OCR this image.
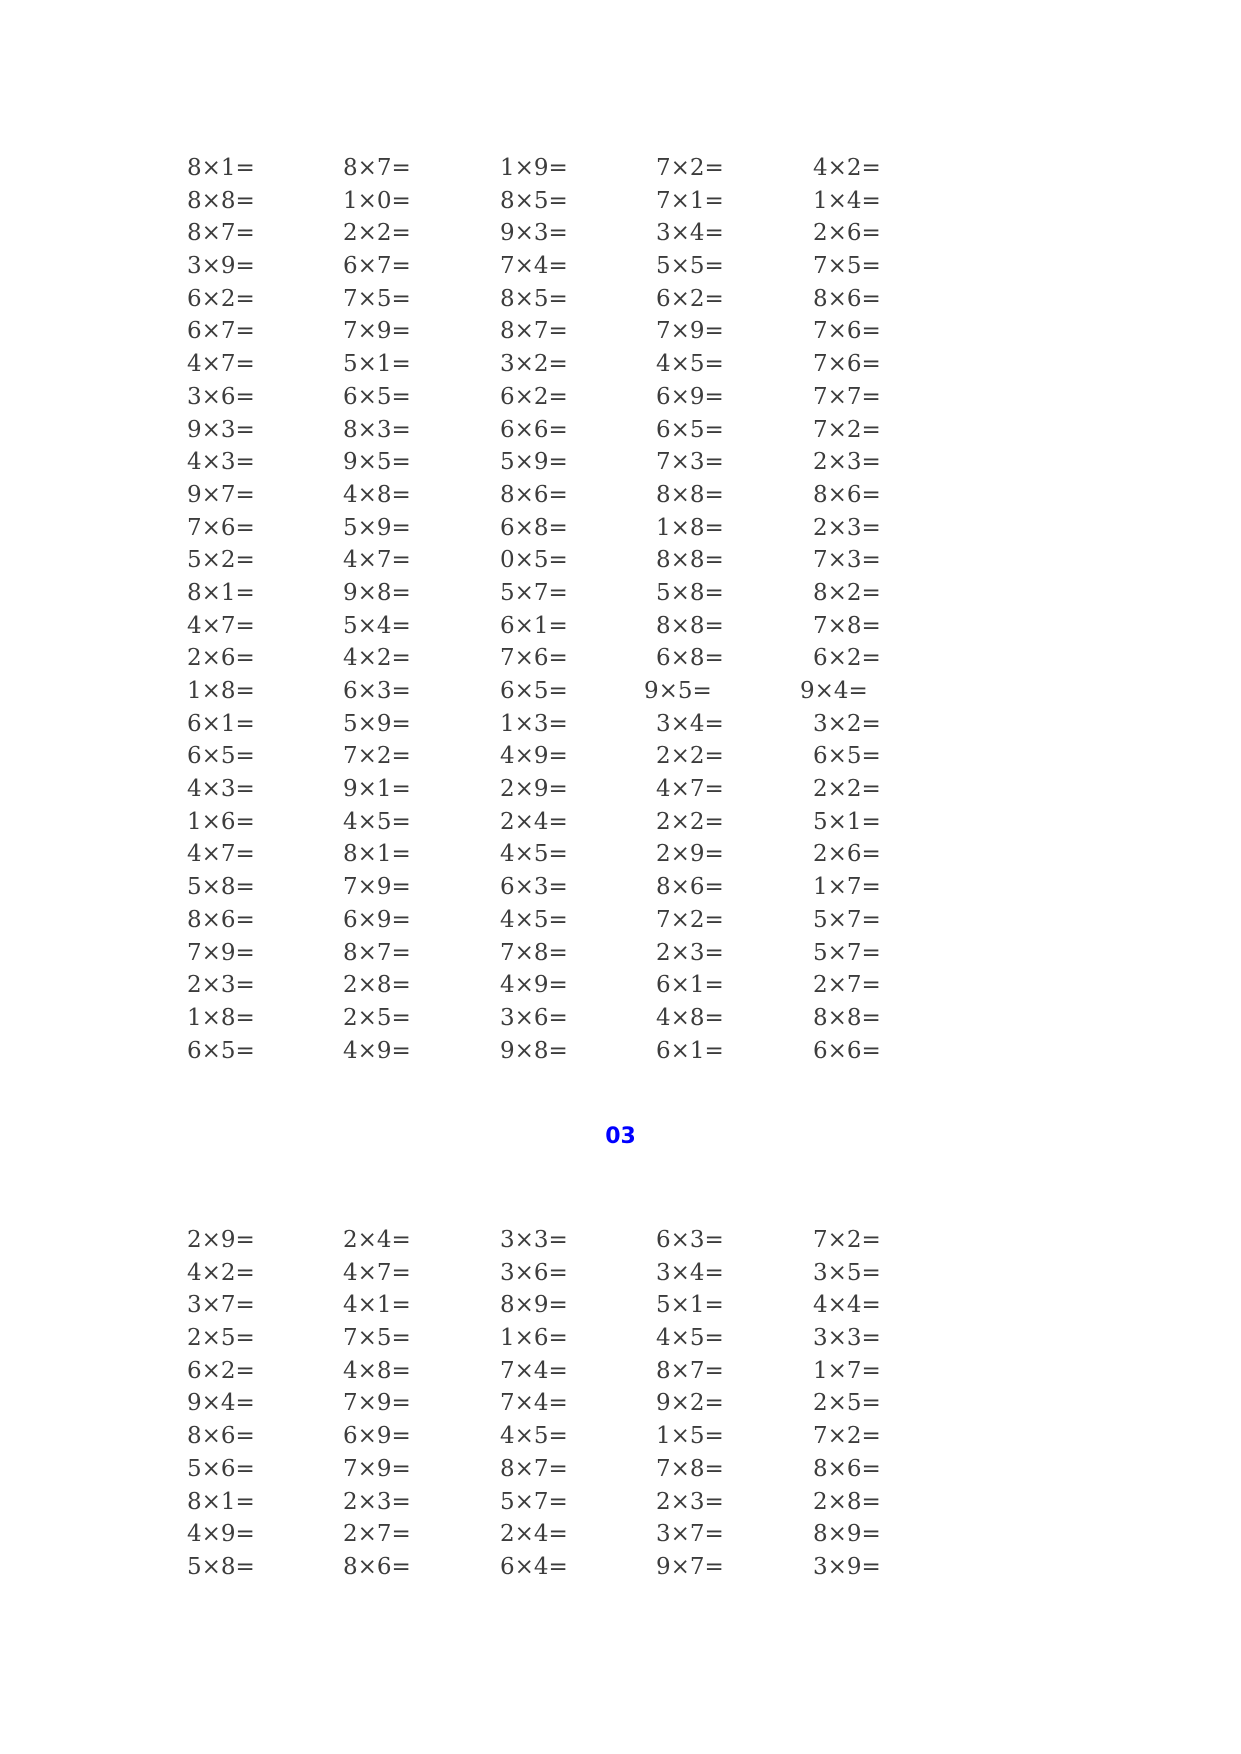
8×1=	8×7=	1×9=	7×2=	4×2=
8×8=	1×0=	8×5=	7×1=	1×4=
8×7=	2×2=	9×3=	3×4=	2×6=
3×9=	6×7=	7×4=	5×5=	7×5=
6×2=	7×5=	8×5=	6×2=	8×6=
6×7=	7×9=	8×7=	7×9=	7×6=
4×7=	5×1=	3×2=	4×5=	7×6=
3×6=	6×5=	6×2=	6×9=	7×7=
9×3=	8×3=	6×6=	6×5=	7×2=
4×3=	9×5=	5×9=	7×3=	2×3=
9×7=	4×8=	8×6=	8×8=	8×6=
7×6=	5×9=	6×8=	1×8=	2×3=
5×2=	4×7=	0×5=	8×8=	7×3=
8×1=	9×8=	5×7=	5×8=	8×2=
4×7=	5×4=	6×1=	8×8=	7×8=
2×6=	4×2=	7×6=	6×8=	6×2=
1×8=	6×3=	6×5=	9×5=	9×4=
6×1=	5×9=	1×3=	3×4=	3×2=
6×5=	7×2=	4×9=	2×2=	6×5=
4×3=	9×1=	2×9=	4×7=	2×2=
1×6=	4×5=	2×4=	2×2=	5×1=
4×7=	8×1=	4×5=	2×9=	2×6=
5×8=	7×9=	6×3=	8×6=	1×7=
8×6=	6×9=	4×5=	7×2=	5×7=
7×9=	8×7=	7×8=	2×3=	5×7=
2×3=	2×8=	4×9=	6×1=	2×7=
1×8=	2×5=	3×6=	4×8=	8×8=
6×5=	4×9=	9×8=	6×1=	6×6=
03
2×9=	2×4=	3×3=	6×3=	7×2=
4×2=	4×7=	3×6=	3×4=	3×5=
3×7=	4×1=	8×9=	5×1=	4×4=
2×5=	7×5=	1×6=	4×5=	3×3=
6×2=	4×8=	7×4=	8×7=	1×7=
9×4=	7×9=	7×4=	9×2=	2×5=
8×6=	6×9=	4×5=	1×5=	7×2=
5×6=	7×9=	8×7=	7×8=	8×6=
8×1=	2×3=	5×7=	2×3=	2×8=
4×9=	2×7=	2×4=	3×7=	8×9=
5×8=	8×6=	6×4=	9×7=	3×9=
